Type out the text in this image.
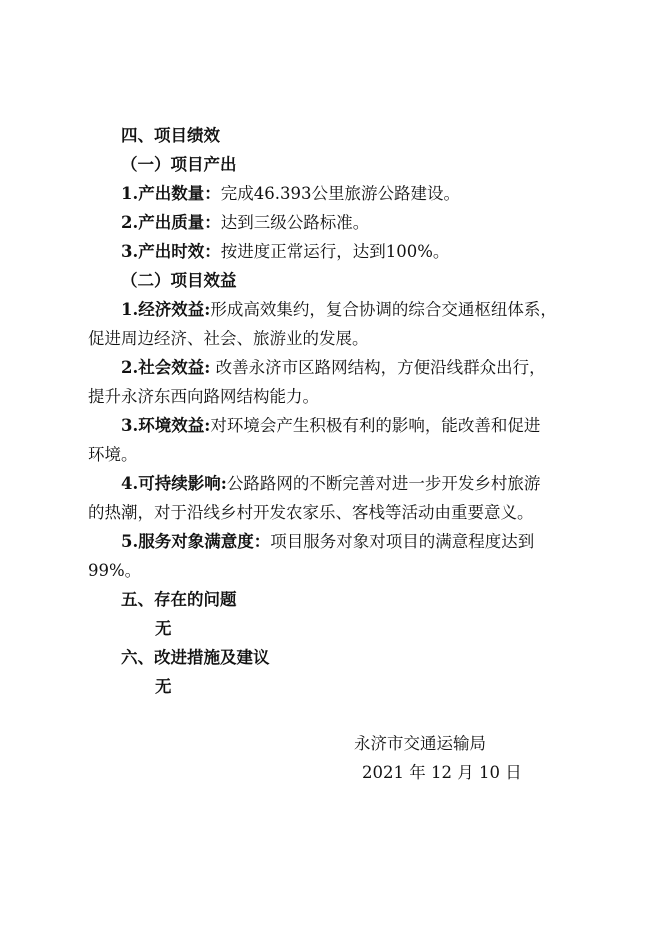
四、项目绩效
（一）项目产出
1.产出数量：完成46.393公里旅游公路建设。
2.产出质量：达到三级公路标准。
3.产出时效：按进度正常运行，达到100%。
（二）项目效益
1.经济效益:形成高效集约，复合协调的综合交通枢纽体系，
促进周边经济、社会、旅游业的发展。
2.社会效益: 改善永济市区路网结构，方便沿线群众出行，
提升永济东西向路网结构能力。
3.环境效益:对环境会产生积极有利的影响，能改善和促进
环境。
4.可持续影响:公路路网的不断完善对进一步开发乡村旅游
的热潮，对于沿线乡村开发农家乐、客栈等活动由重要意义。
5.服务对象满意度：项目服务对象对项目的满意程度达到
99%。
五、存在的问题
无
六、改进措施及建议
无
永济市交通运输局
2021 年 12 月 10 日
